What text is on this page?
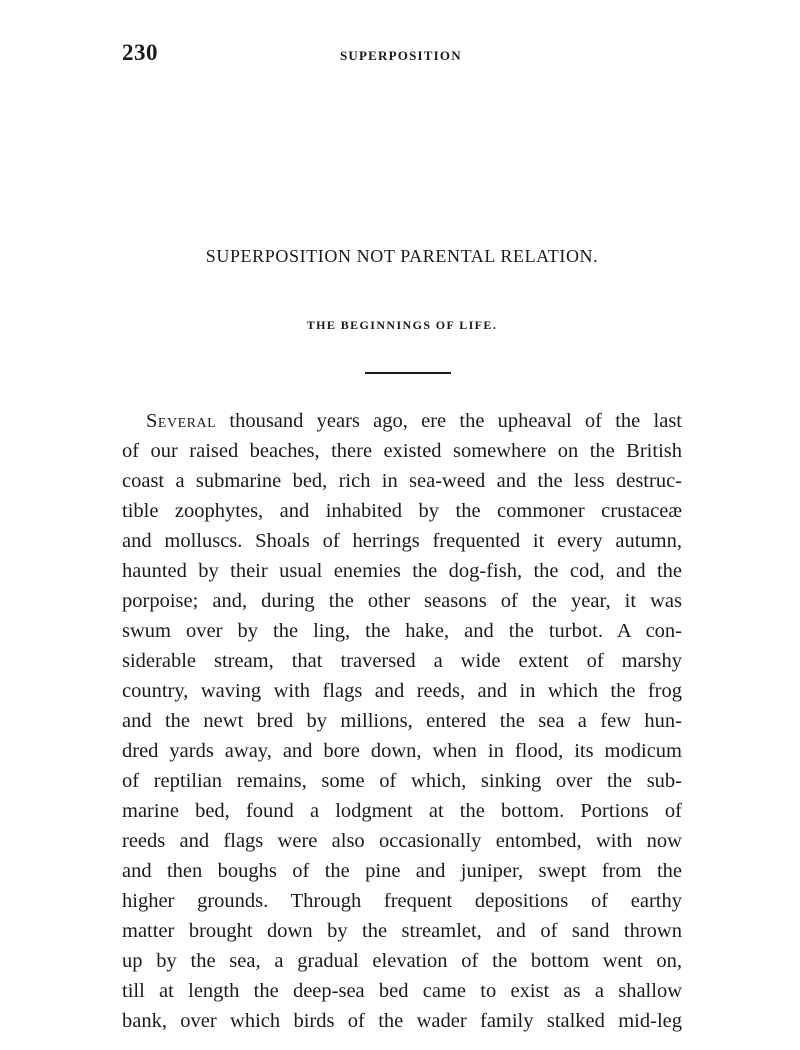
230	SUPERPOSITION
SUPERPOSITION NOT PARENTAL RELATION.
THE BEGINNINGS OF LIFE.
Several thousand years ago, ere the upheaval of the last
of our raised beaches, there existed somewhere on the British
coast a submarine bed, rich in sea-weed and the less destruc-
tible zoophytes, and inhabited by the commoner crustaceæ
and molluscs. Shoals of herrings frequented it every autumn,
haunted by their usual enemies the dog-fish, the cod, and the
porpoise; and, during the other seasons of the year, it was
swum over by the ling, the hake, and the turbot. A con-
siderable stream, that traversed a wide extent of marshy
country, waving with flags and reeds, and in which the frog
and the newt bred by millions, entered the sea a few hun-
dred yards away, and bore down, when in flood, its modicum
of reptilian remains, some of which, sinking over the sub-
marine bed, found a lodgment at the bottom. Portions of
reeds and flags were also occasionally entombed, with now
and then boughs of the pine and juniper, swept from the
higher grounds. Through frequent depositions of earthy
matter brought down by the streamlet, and of sand thrown
up by the sea, a gradual elevation of the bottom went on,
till at length the deep-sea bed came to exist as a shallow
bank, over which birds of the wader family stalked mid-leg
